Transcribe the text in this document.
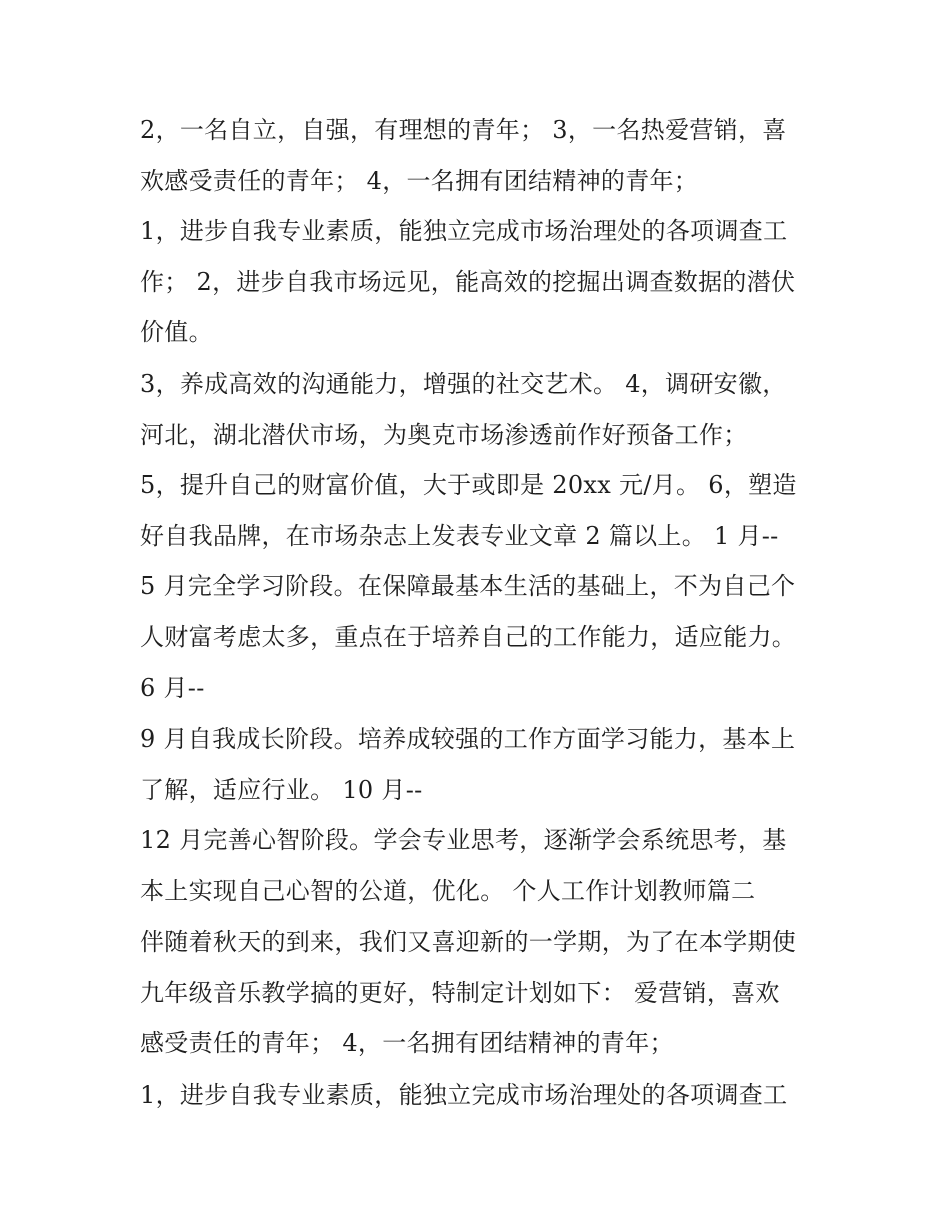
2，一名自立，自强，有理想的青年； 3，一名热爱营销，喜
欢感受责任的青年； 4，一名拥有团结精神的青年；
1，进步自我专业素质，能独立完成市场治理处的各项调查工
作； 2，进步自我市场远见，能高效的挖掘出调查数据的潜伏
价值。
3，养成高效的沟通能力，增强的社交艺术。 4，调研安徽，
河北，湖北潜伏市场，为奥克市场渗透前作好预备工作；
5，提升自己的财富价值，大于或即是 20xx 元/月。 6，塑造
好自我品牌，在市场杂志上发表专业文章 2 篇以上。 1 月--
5 月完全学习阶段。在保障最基本生活的基础上，不为自己个
人财富考虑太多，重点在于培养自己的工作能力，适应能力。
6 月--
9 月自我成长阶段。培养成较强的工作方面学习能力，基本上
了解，适应行业。 10 月--
12 月完善心智阶段。学会专业思考，逐渐学会系统思考，基
本上实现自己心智的公道，优化。 个人工作计划教师篇二
伴随着秋天的到来，我们又喜迎新的一学期，为了在本学期使
九年级音乐教学搞的更好，特制定计划如下： 爱营销，喜欢
感受责任的青年； 4，一名拥有团结精神的青年；
1，进步自我专业素质，能独立完成市场治理处的各项调查工
